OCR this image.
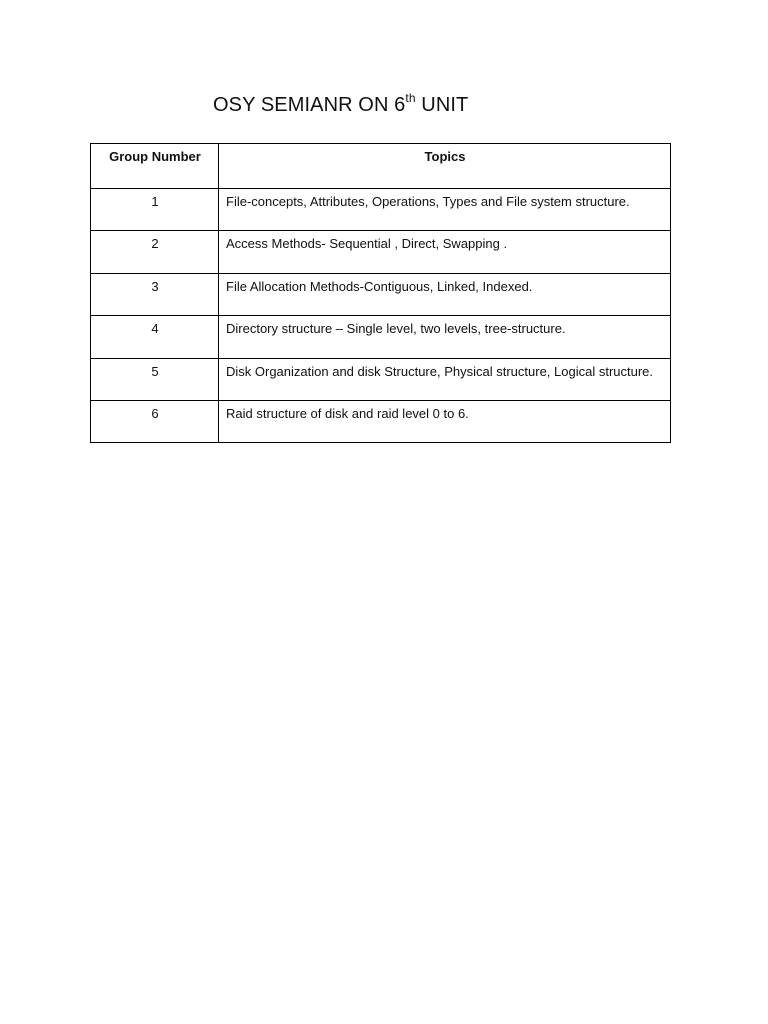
OSY SEMIANR ON 6th UNIT
Group Number	Topics
1	File-concepts, Attributes, Operations, Types and File system structure.
2	Access Methods- Sequential , Direct, Swapping .
3	File Allocation Methods-Contiguous, Linked, Indexed.
4	Directory structure – Single level, two levels, tree-structure.
5	Disk Organization and disk Structure, Physical structure, Logical structure.
6	Raid structure of disk and raid level 0 to 6.
